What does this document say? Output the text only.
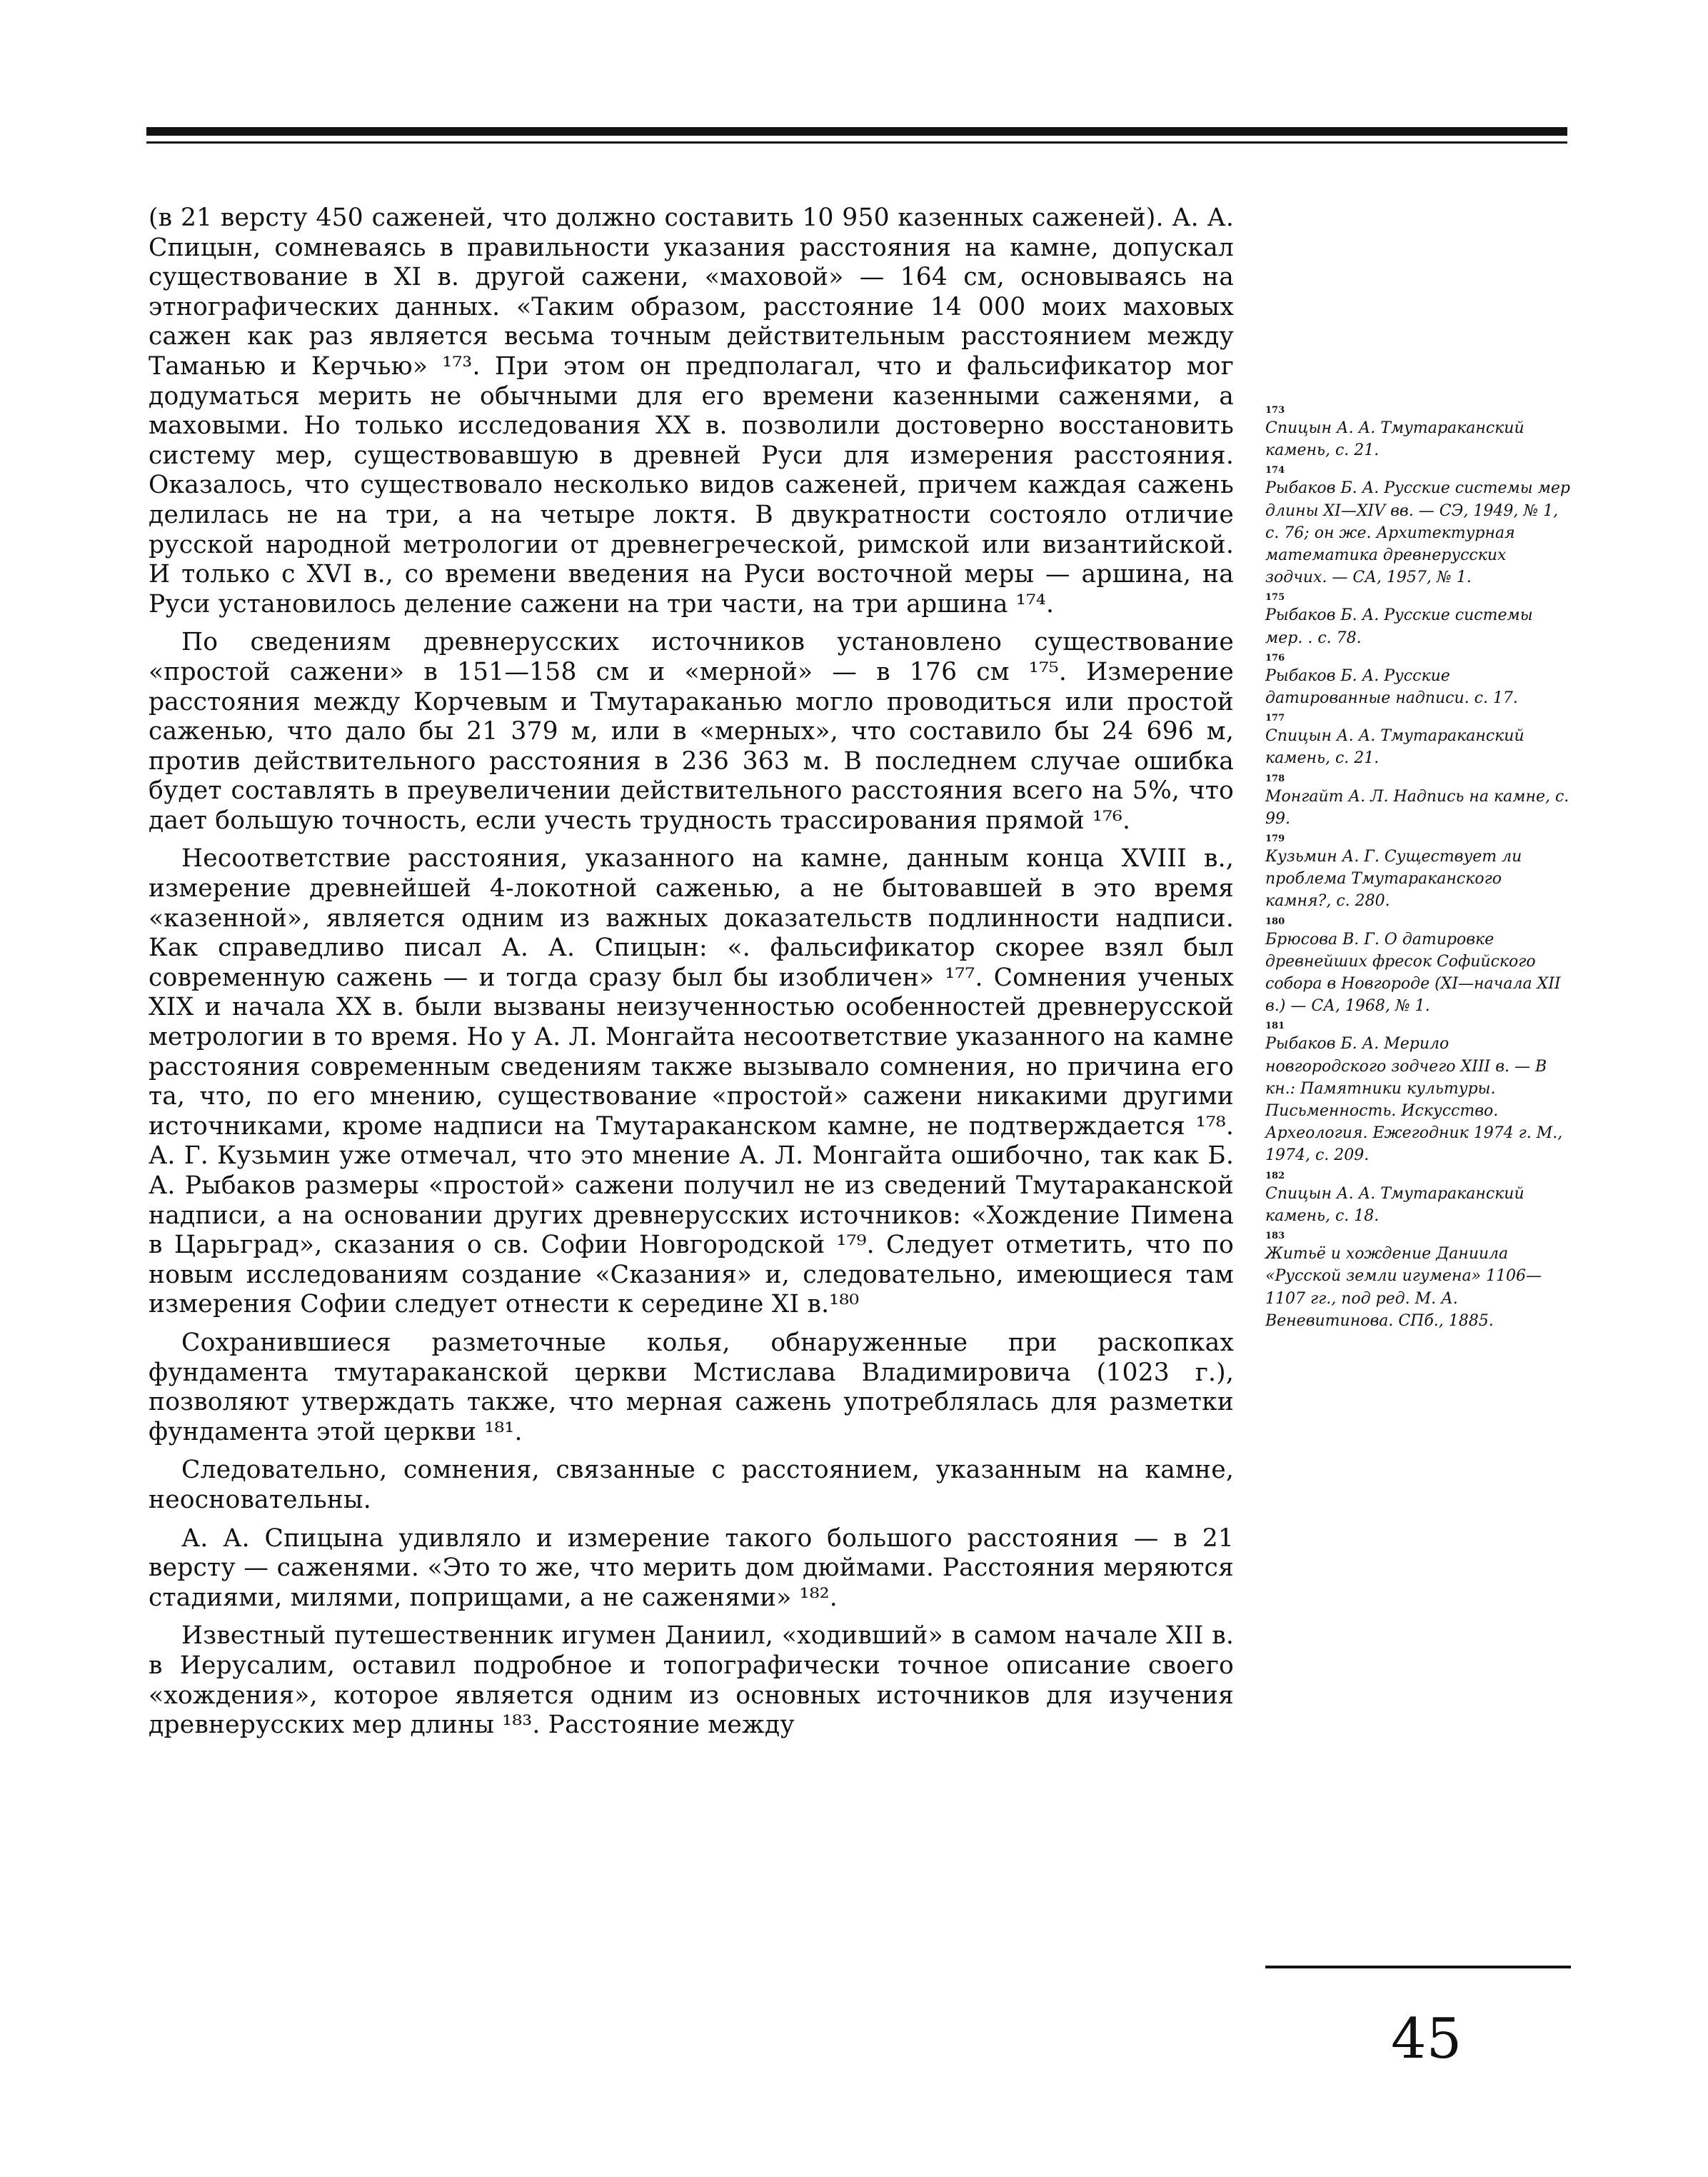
(в 21 версту 450 саженей, что должно составить 10 950 казенных саженей). А. А. Спицын, сомневаясь в правильности указания расстояния на камне, допускал существование в XI в. другой сажени, «маховой» — 164 см, основываясь на этнографических данных. «Таким образом, расстояние 14 000 моих маховых сажен как раз является весьма точным действительным расстоянием между Таманью и Керчью» ¹⁷³. При этом он предполагал, что и фальсификатор мог додуматься мерить не обычными для его времени казенными саженями, а маховыми. Но только исследования XX в. позволили достоверно восстановить систему мер, существовавшую в древней Руси для измерения расстояния. Оказалось, что существовало несколько видов саженей, причем каждая сажень делилась не на три, а на четыре локтя. В двукратности состояло отличие русской народной метрологии от древнегреческой, римской или византийской. И только с XVI в., со времени введения на Руси восточной меры — аршина, на Руси установилось деление сажени на три части, на три аршина ¹⁷⁴.

По сведениям древнерусских источников установлено существование «простой сажени» в 151—158 см и «мерной» — в 176 см ¹⁷⁵. Измерение расстояния между Корчевым и Тмутараканью могло проводиться или простой саженью, что дало бы 21 379 м, или в «мерных», что составило бы 24 696 м, против действительного расстояния в 236 363 м. В последнем случае ошибка будет составлять в преувеличении действительного расстояния всего на 5%, что дает большую точность, если учесть трудность трассирования прямой ¹⁷⁶.

Несоответствие расстояния, указанного на камне, данным конца XVIII в., измерение древнейшей 4-локотной саженью, а не бытовавшей в это время «казенной», является одним из важных доказательств подлинности надписи. Как справедливо писал А. А. Спицын: «. фальсификатор скорее взял был современную сажень — и тогда сразу был бы изобличен» ¹⁷⁷. Сомнения ученых XIX и начала XX в. были вызваны неизученностью особенностей древнерусской метрологии в то время. Но у А. Л. Монгайта несоответствие указанного на камне расстояния современным сведениям также вызывало сомнения, но причина его та, что, по его мнению, существование «простой» сажени никакими другими источниками, кроме надписи на Тмутараканском камне, не подтверждается ¹⁷⁸. А. Г. Кузьмин уже отмечал, что это мнение А. Л. Монгайта ошибочно, так как Б. А. Рыбаков размеры «простой» сажени получил не из сведений Тмутараканской надписи, а на основании других древнерусских источников: «Хождение Пимена в Царьград», сказания о св. Софии Новгородской ¹⁷⁹. Следует отметить, что по новым исследованиям создание «Сказания» и, следовательно, имеющиеся там измерения Софии следует отнести к середине XI в.¹⁸⁰

Сохранившиеся разметочные колья, обнаруженные при раскопках фундамента тмутараканской церкви Мстислава Владимировича (1023 г.), позволяют утверждать также, что мерная сажень употреблялась для разметки фундамента этой церкви ¹⁸¹.

Следовательно, сомнения, связанные с расстоянием, указанным на камне, неосновательны.

А. А. Спицына удивляло и измерение такого большого расстояния — в 21 версту — саженями. «Это то же, что мерить дом дюймами. Расстояния меряются стадиями, милями, поприщами, а не саженями» ¹⁸².

Известный путешественник игумен Даниил, «ходивший» в самом начале XII в. в Иерусалим, оставил подробное и топографически точное описание своего «хождения», которое является одним из основных источников для изучения древнерусских мер длины ¹⁸³. Расстояние между

173
Спицын А. А. Тмутараканский камень, с. 21.
174
Рыбаков Б. А. Русские системы мер длины XI—XIV вв. — СЭ, 1949, № 1, с. 76; он же. Архитектурная математика древнерусских зодчих. — СА, 1957, № 1.
175
Рыбаков Б. А. Русские системы мер. . с. 78.
176
Рыбаков Б. А. Русские датированные надписи. с. 17.
177
Спицын А. А. Тмутараканский камень, с. 21.
178
Монгайт А. Л. Надпись на камне, с. 99.
179
Кузьмин А. Г. Существует ли проблема Тмутараканского камня?, с. 280.
180
Брюсова В. Г. О датировке древнейших фресок Софийского собора в Новгороде (XI—начала XII в.) — СА, 1968, № 1.
181
Рыбаков Б. А. Мерило новгородского зодчего XIII в. — В кн.: Памятники культуры. Письменность. Искусство. Археология. Ежегодник 1974 г. М., 1974, с. 209.
182
Спицын А. А. Тмутараканский камень, с. 18.
183
Житьё и хождение Даниила «Русской земли игумена» 1106—1107 гг., под ред. М. А. Веневитинова. СПб., 1885.
45
